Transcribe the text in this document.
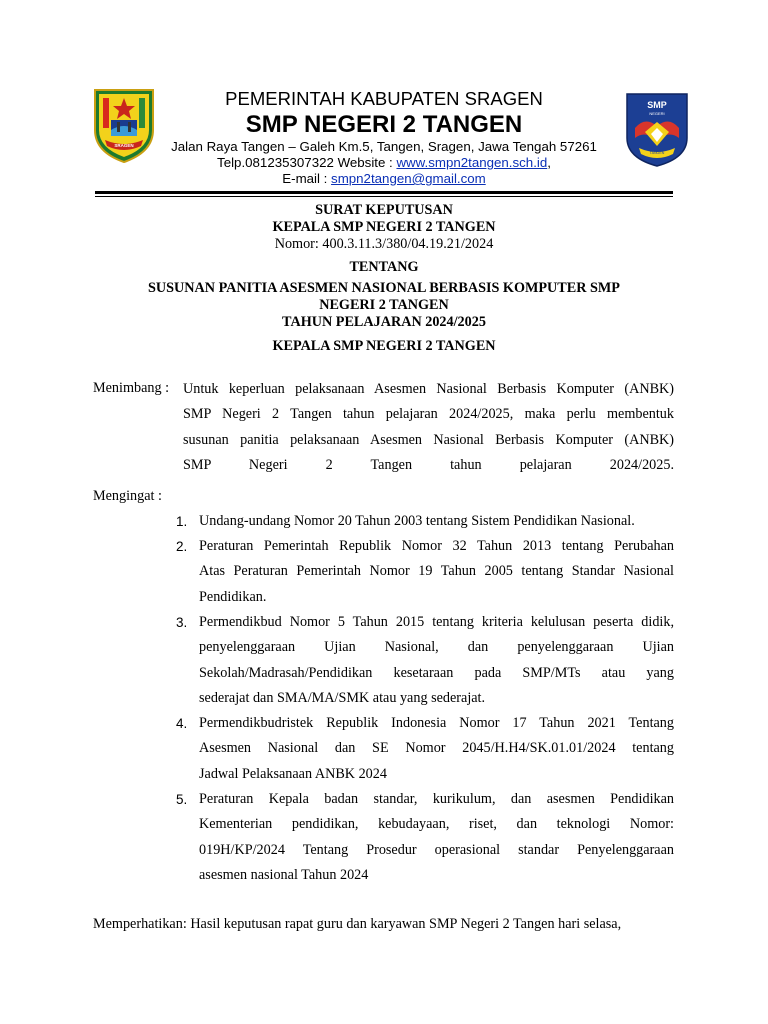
SRAGEN
SMP
NEGERI
TANGEN
PEMERINTAH KABUPATEN SRAGEN
SMP NEGERI 2 TANGEN
Jalan Raya Tangen – Galeh Km.5, Tangen, Sragen, Jawa Tengah 57261
Telp.081235307322 Website : www.smpn2tangen.sch.id,
E-mail : smpn2tangen@gmail.com
SURAT KEPUTUSAN
KEPALA SMP NEGERI 2 TANGEN
Nomor: 400.3.11.3/380/04.19.21/2024
TENTANG
SUSUNAN PANITIA ASESMEN NASIONAL BERBASIS KOMPUTER SMP
NEGERI 2 TANGEN
TAHUN PELAJARAN 2024/2025
KEPALA SMP NEGERI 2 TANGEN
Menimbang : Untuk keperluan pelaksanaan Asesmen Nasional Berbasis Komputer (ANBK)
SMP Negeri 2 Tangen tahun pelajaran 2024/2025, maka perlu membentuk
susunan panitia pelaksanaan Asesmen Nasional Berbasis Komputer (ANBK)
SMP Negeri 2 Tangen tahun pelajaran 2024/2025.
Mengingat :
1. Undang-undang Nomor 20 Tahun 2003 tentang Sistem Pendidikan Nasional.
2. Peraturan Pemerintah Republik Nomor 32 Tahun 2013 tentang Perubahan
Atas Peraturan Pemerintah Nomor 19 Tahun 2005 tentang Standar Nasional
Pendidikan.
3. Permendikbud Nomor 5 Tahun 2015 tentang kriteria kelulusan peserta didik,
penyelenggaraan Ujian Nasional, dan penyelenggaraan Ujian
Sekolah/Madrasah/Pendidikan kesetaraan pada SMP/MTs atau yang
sederajat dan SMA/MA/SMK atau yang sederajat.
4. Permendikbudristek Republik Indonesia Nomor 17 Tahun 2021 Tentang
Asesmen Nasional dan SE Nomor 2045/H.H4/SK.01.01/2024 tentang
Jadwal Pelaksanaan ANBK 2024
5. Peraturan Kepala badan standar, kurikulum, dan asesmen Pendidikan
Kementerian pendidikan, kebudayaan, riset, dan teknologi Nomor:
019H/KP/2024 Tentang Prosedur operasional standar Penyelenggaraan
asesmen nasional Tahun 2024
Memperhatikan: Hasil keputusan rapat guru dan karyawan SMP Negeri 2 Tangen hari selasa,
